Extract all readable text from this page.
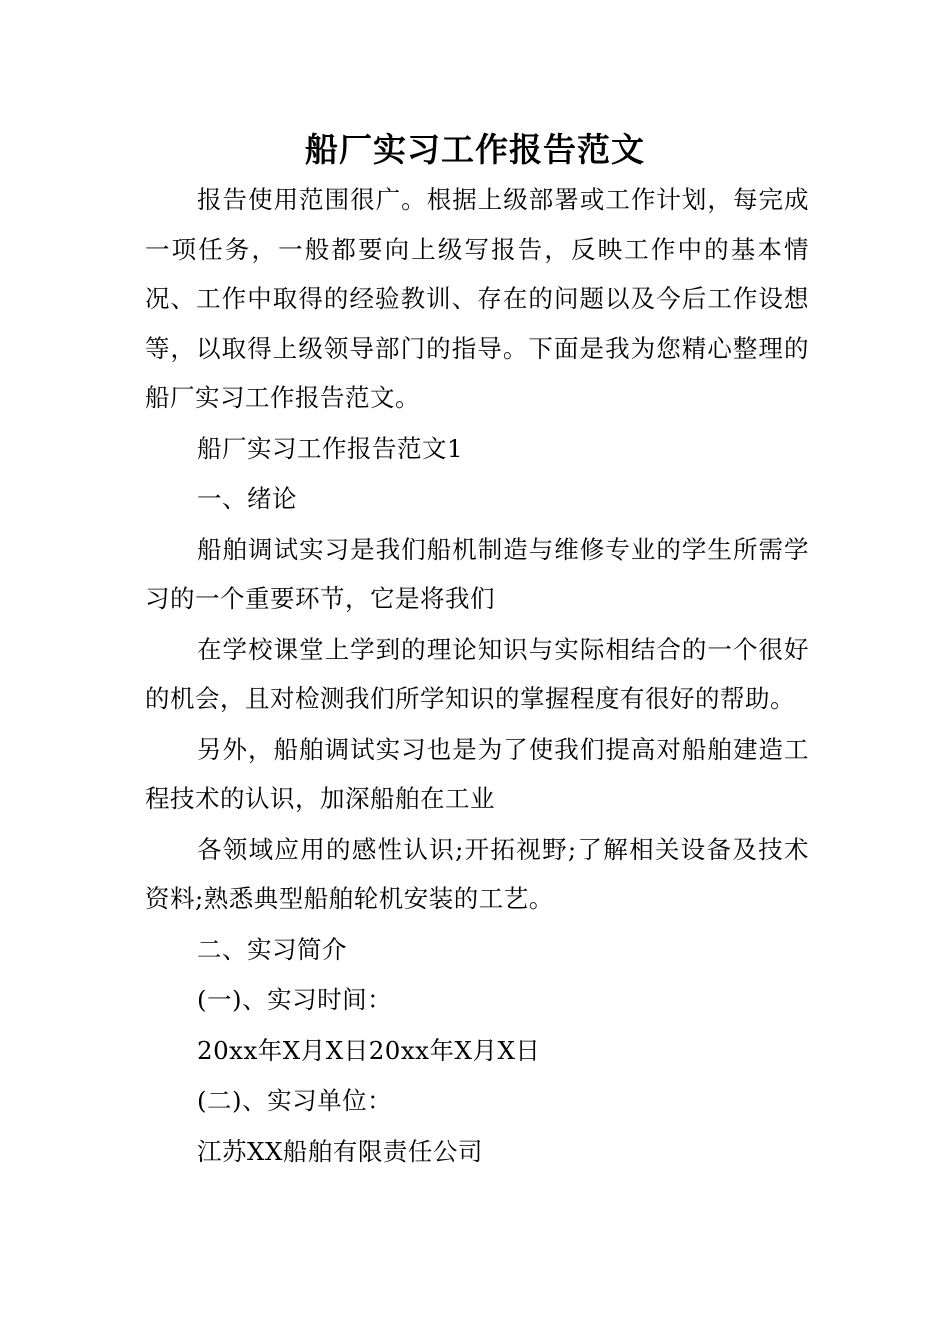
船厂实习工作报告范文

报告使用范围很广。根据上级部署或工作计划，每完成一项任务，一般都要向上级写报告，反映工作中的基本情况、工作中取得的经验教训、存在的问题以及今后工作设想等，以取得上级领导部门的指导。下面是我为您精心整理的船厂实习工作报告范文。

船厂实习工作报告范文1

一、绪论

船舶调试实习是我们船机制造与维修专业的学生所需学习的一个重要环节，它是将我们

在学校课堂上学到的理论知识与实际相结合的一个很好的机会，且对检测我们所学知识的掌握程度有很好的帮助。

另外，船舶调试实习也是为了使我们提高对船舶建造工程技术的认识，加深船舶在工业

各领域应用的感性认识;开拓视野;了解相关设备及技术资料;熟悉典型船舶轮机安装的工艺。

二、实习简介

(一)、实习时间：

20xx年X月X日20xx年X月X日

(二)、实习单位：

江苏XX船舶有限责任公司
